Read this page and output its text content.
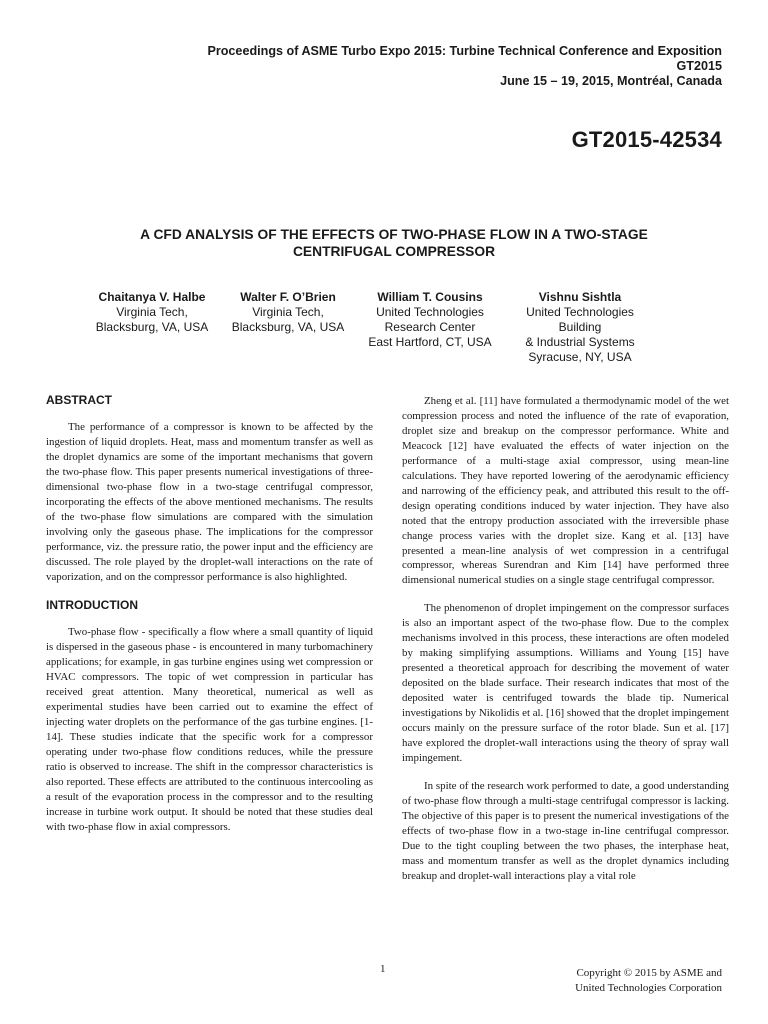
Proceedings of ASME Turbo Expo 2015: Turbine Technical Conference and Exposition
GT2015
June 15 – 19, 2015, Montréal, Canada
GT2015-42534
A CFD ANALYSIS OF THE EFFECTS OF TWO-PHASE FLOW IN A TWO-STAGE
CENTRIFUGAL COMPRESSOR
Chaitanya V. Halbe
Virginia Tech,
Blacksburg, VA, USA
Walter F. O’Brien
Virginia Tech,
Blacksburg, VA, USA
William T. Cousins
United Technologies
Research Center
East Hartford, CT, USA
Vishnu Sishtla
United Technologies Building
& Industrial Systems
Syracuse, NY, USA
ABSTRACT

The performance of a compressor is known to be affected by the ingestion of liquid droplets. Heat, mass and momentum transfer as well as the droplet dynamics are some of the important mechanisms that govern the two-phase flow. This paper presents numerical investigations of three-dimensional two-phase flow in a two-stage centrifugal compressor, incorporating the effects of the above mentioned mechanisms. The results of the two-phase flow simulations are compared with the simulation involving only the gaseous phase. The implications for the compressor performance, viz. the pressure ratio, the power input and the efficiency are discussed. The role played by the droplet-wall interactions on the rate of vaporization, and on the compressor performance is also highlighted.

INTRODUCTION

Two-phase flow - specifically a flow where a small quantity of liquid is dispersed in the gaseous phase - is encountered in many turbomachinery applications; for example, in gas turbine engines using wet compression or HVAC compressors. The topic of wet compression in particular has received great attention. Many theoretical, numerical as well as experimental studies have been carried out to examine the effect of injecting water droplets on the performance of the gas turbine engines. [1-14]. These studies indicate that the specific work for a compressor operating under two-phase flow conditions reduces, while the pressure ratio is observed to increase. The shift in the compressor characteristics is also reported. These effects are attributed to the continuous intercooling as a result of the evaporation process in the compressor and to the resulting increase in turbine work output. It should be noted that these studies deal with two-phase flow in axial compressors.

Zheng et al. [11] have formulated a thermodynamic model of the wet compression process and noted the influence of the rate of evaporation, droplet size and breakup on the compressor performance. White and Meacock [12] have evaluated the effects of water injection on the performance of a multi-stage axial compressor, using mean-line calculations. They have reported lowering of the aerodynamic efficiency and narrowing of the efficiency peak, and attributed this result to the off-design operating conditions induced by water injection. They have also noted that the entropy production associated with the irreversible phase change process varies with the droplet size. Kang et al. [13] have presented a mean-line analysis of wet compression in a centrifugal compressor, whereas Surendran and Kim [14] have performed three dimensional numerical studies on a single stage centrifugal compressor.

The phenomenon of droplet impingement on the compressor surfaces is also an important aspect of the two-phase flow. Due to the complex mechanisms involved in this process, these interactions are often modeled by making simplifying assumptions. Williams and Young [15] have presented a theoretical approach for describing the movement of water deposited on the blade surface. Their research indicates that most of the deposited water is centrifuged towards the blade tip. Numerical investigations by Nikolidis et al. [16] showed that the droplet impingement occurs mainly on the pressure surface of the rotor blade. Sun et al. [17] have explored the droplet-wall interactions using the theory of spray wall impingement.

In spite of the research work performed to date, a good understanding of two-phase flow through a multi-stage centrifugal compressor is lacking. The objective of this paper is to present the numerical investigations of the effects of two-phase flow in a two-stage in-line centrifugal compressor. Due to the tight coupling between the two phases, the interphase heat, mass and momentum transfer as well as the droplet dynamics including breakup and droplet-wall interactions play a vital role

1	Copyright © 2015 by ASME and
United Technologies Corporation
